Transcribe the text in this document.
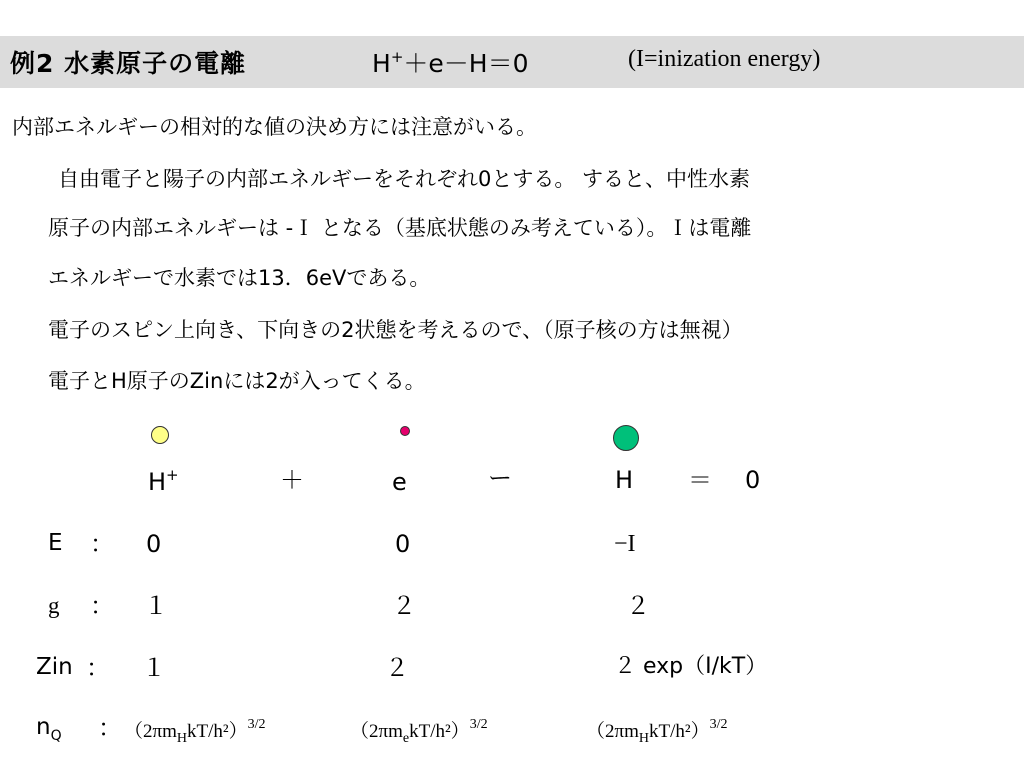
例2 水素原子の電離	H+＋e－H＝0	(I=inization energy)
内部エネルギーの相対的な値の決め方には注意がいる。
自由電子と陽子の内部エネルギーをそれぞれ0とする。 すると、中性水素
原子の内部エネルギーは -Ｉ となる（基底状態のみ考えている）。Ｉは電離
エネルギーで水素では13．6eVである。
電子のスピン上向き、下向きの2状態を考えるので、（原子核の方は無視）
電子とH原子のZinには2が入ってくる。
H+	＋	e	ー	H ＝ 0
E ： 0	0	−I
g ： １	２	２
Zin ： １	２	２ exp（I/kT）
$n_Q$ ： $(2\pi m_HkT/h^2)^{3/2}$	$(2\pi m_ekT/h^2)^{3/2}$	$(2\pi m_HkT/h^2)^{3/2}$
